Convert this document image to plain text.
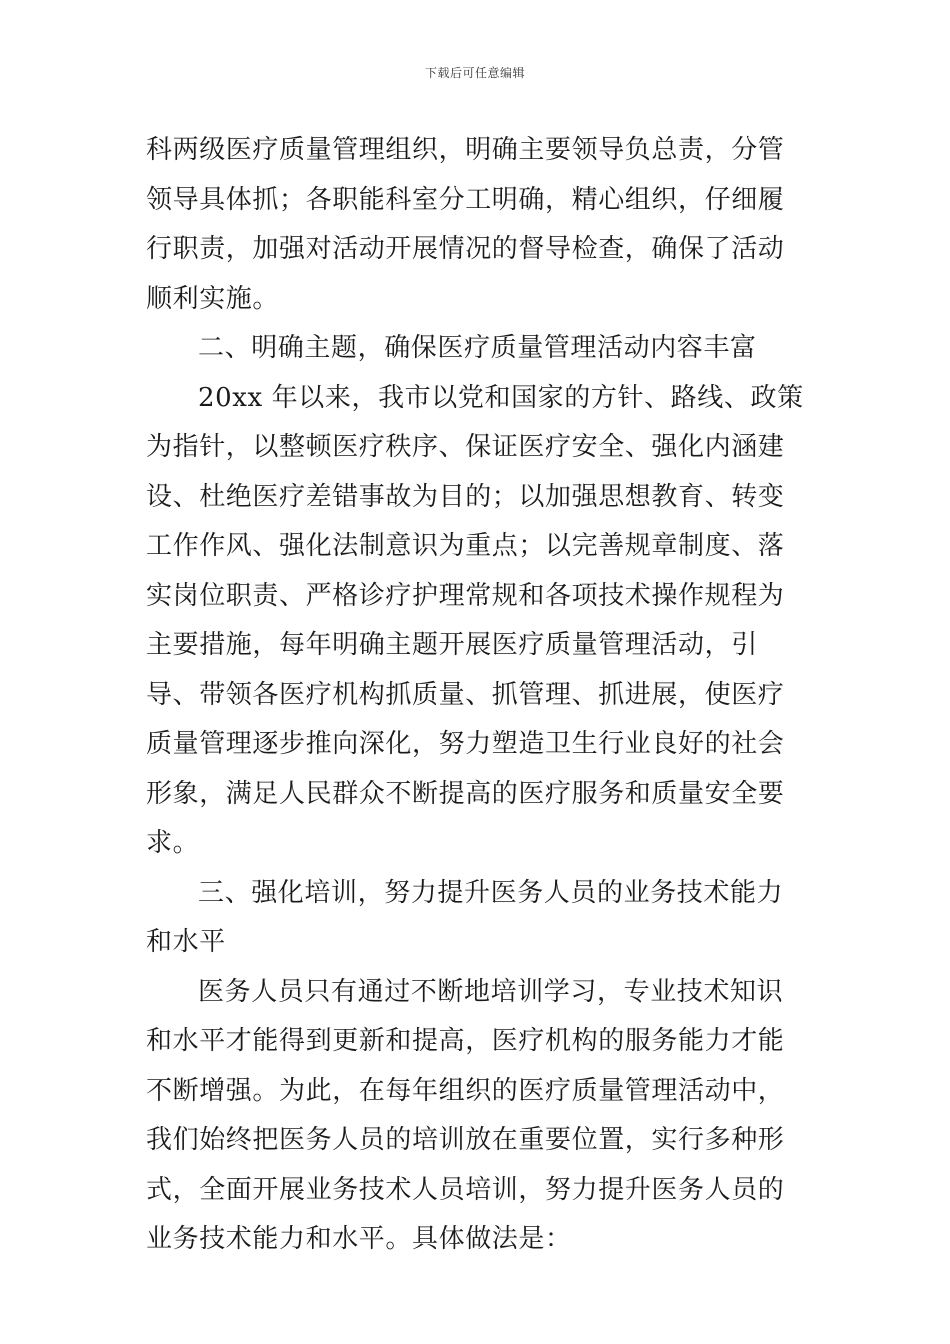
下载后可任意编辑

科两级医疗质量管理组织，明确主要领导负总责，分管领导具体抓；各职能科室分工明确，精心组织，仔细履行职责，加强对活动开展情况的督导检查，确保了活动顺利实施。

二、明确主题，确保医疗质量管理活动内容丰富

20xx 年以来，我市以党和国家的方针、路线、政策为指针，以整顿医疗秩序、保证医疗安全、强化内涵建设、杜绝医疗差错事故为目的；以加强思想教育、转变工作作风、强化法制意识为重点；以完善规章制度、落实岗位职责、严格诊疗护理常规和各项技术操作规程为主要措施，每年明确主题开展医疗质量管理活动，引导、带领各医疗机构抓质量、抓管理、抓进展，使医疗质量管理逐步推向深化，努力塑造卫生行业良好的社会形象，满足人民群众不断提高的医疗服务和质量安全要求。

三、强化培训，努力提升医务人员的业务技术能力和水平

医务人员只有通过不断地培训学习，专业技术知识和水平才能得到更新和提高，医疗机构的服务能力才能不断增强。为此，在每年组织的医疗质量管理活动中，我们始终把医务人员的培训放在重要位置，实行多种形式，全面开展业务技术人员培训，努力提升医务人员的业务技术能力和水平。具体做法是：
